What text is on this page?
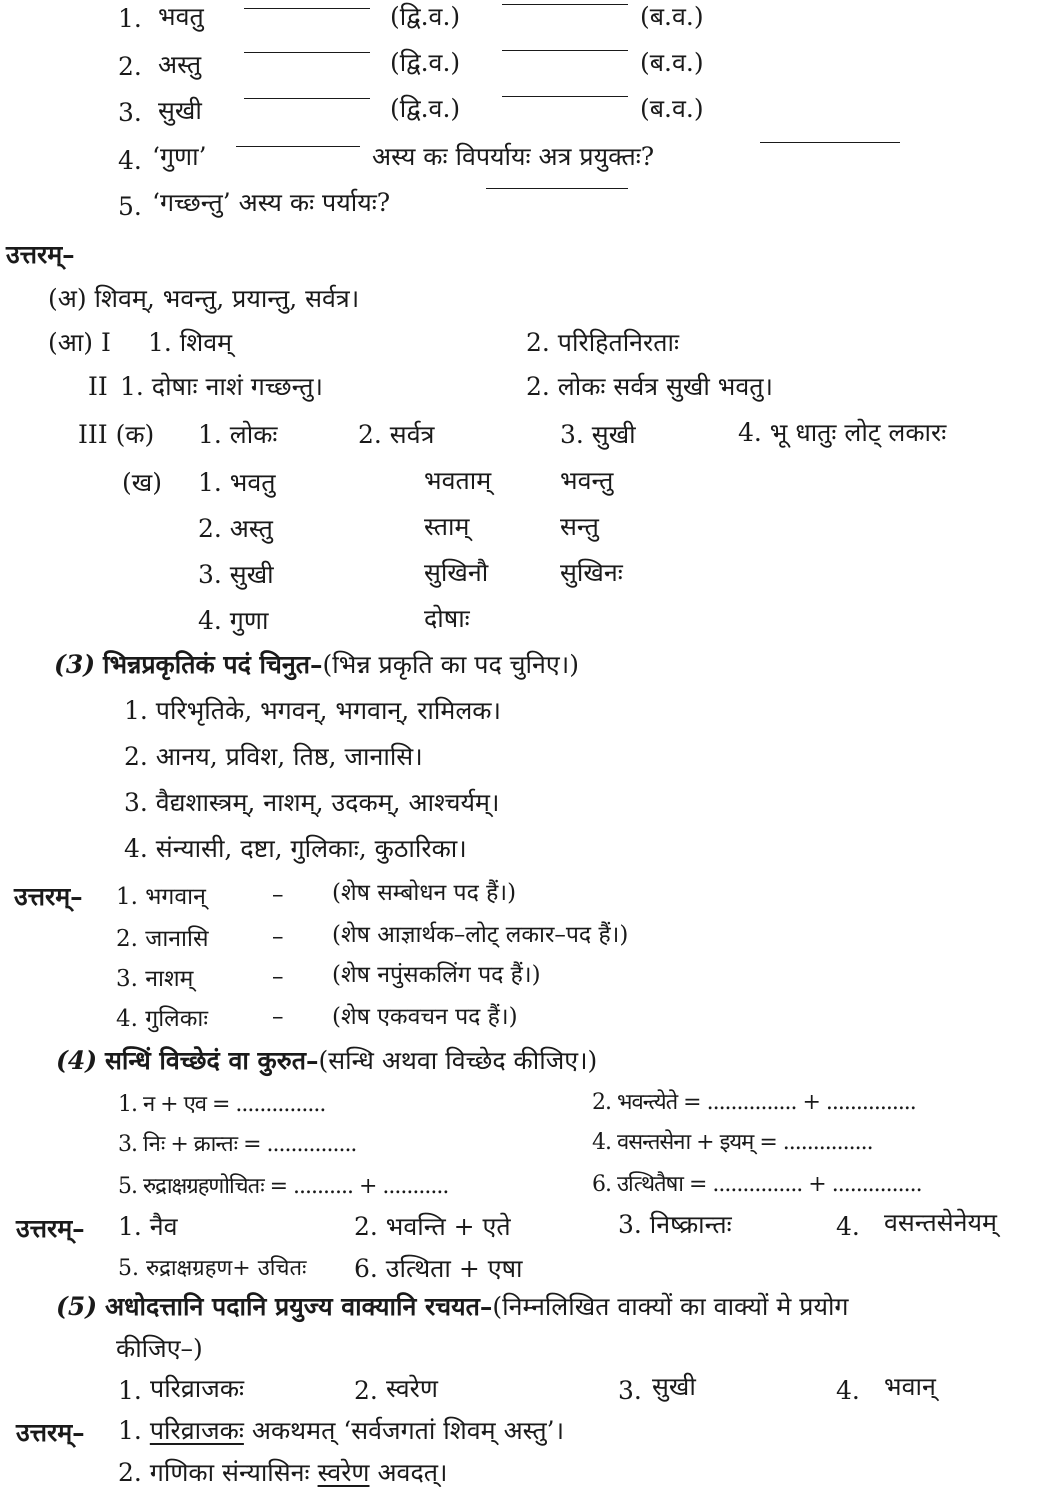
1. भवतु	(द्वि.व.)	(ब.व.)
2. अस्तु	(द्वि.व.)	(ब.व.)
3. सुखी	(द्वि.व.)	(ब.व.)
4. ‘गुणा’	अस्य कः विपर्यायः अत्र प्रयुक्तः?
5. ‘गच्छन्तु’ अस्य कः पर्यायः?
उत्तरम्–
(अ) शिवम्, भवन्तु, प्रयान्तु, सर्वत्र।
(आ) I 1. शिवम्	2. परिहितनिरताः
II 1. दोषाः नाशं गच्छन्तु।	2. लोकः सर्वत्र सुखी भवतु।
III (क) 1. लोकः	2. सर्वत्र	3. सुखी	4. भू धातुः लोट् लकारः
(ख) 1. भवतु	भवताम्	भवन्तु
2. अस्तु	स्ताम्	सन्तु
3. सुखी	सुखिनौ	सुखिनः
4. गुणा	दोषाः
(3) भिन्नप्रकृतिकं पदं चिनुत–(भिन्न प्रकृति का पद चुनिए।)
1. परिभृतिके, भगवन्, भगवान्, रामिलक।
2. आनय, प्रविश, तिष्ठ, जानासि।
3. वैद्यशास्त्रम्, नाशम्, उदकम्, आश्चर्यम्।
4. संन्यासी, दष्टा, गुलिकाः, कुठारिका।
उत्तरम्– 1. भगवान्	– (शेष सम्बोधन पद हैं।)
2. जानासि	– (शेष आज्ञार्थक–लोट् लकार–पद हैं।)
3. नाशम्	– (शेष नपुंसकलिंग पद हैं।)
4. गुलिकाः	– (शेष एकवचन पद हैं।)
(4) सन्धिं विच्छेदं वा कुरुत–(सन्धि अथवा विच्छेद कीजिए।)
1. न + एव = ...............	2. भवन्त्येते = ............... + ...............
3. निः + क्रान्तः = ...............	4. वसन्तसेना + इयम् = ...............
5. रुद्राक्षग्रहणोचितः = .......... + ...........	6. उत्थितैषा = ............... + ...............
उत्तरम्– 1. नैव	2. भवन्ति + एते	3. निष्क्रान्तः	4. वसन्तसेनेयम्
5. रुद्राक्षग्रहण+ उचितः 6. उत्थिता + एषा
(5) अधोदत्तानि पदानि प्रयुज्य वाक्यानि रचयत–(निम्नलिखित वाक्यों का वाक्यों मे प्रयोग
कीजिए–)
1. परिव्राजकः	2. स्वरेण	3. सुखी	4. भवान्
उत्तरम्– 1. परिव्राजकः अकथमत् ‘सर्वजगतां शिवम् अस्तु’।
2. गणिका संन्यासिनः स्वरेण अवदत्।
